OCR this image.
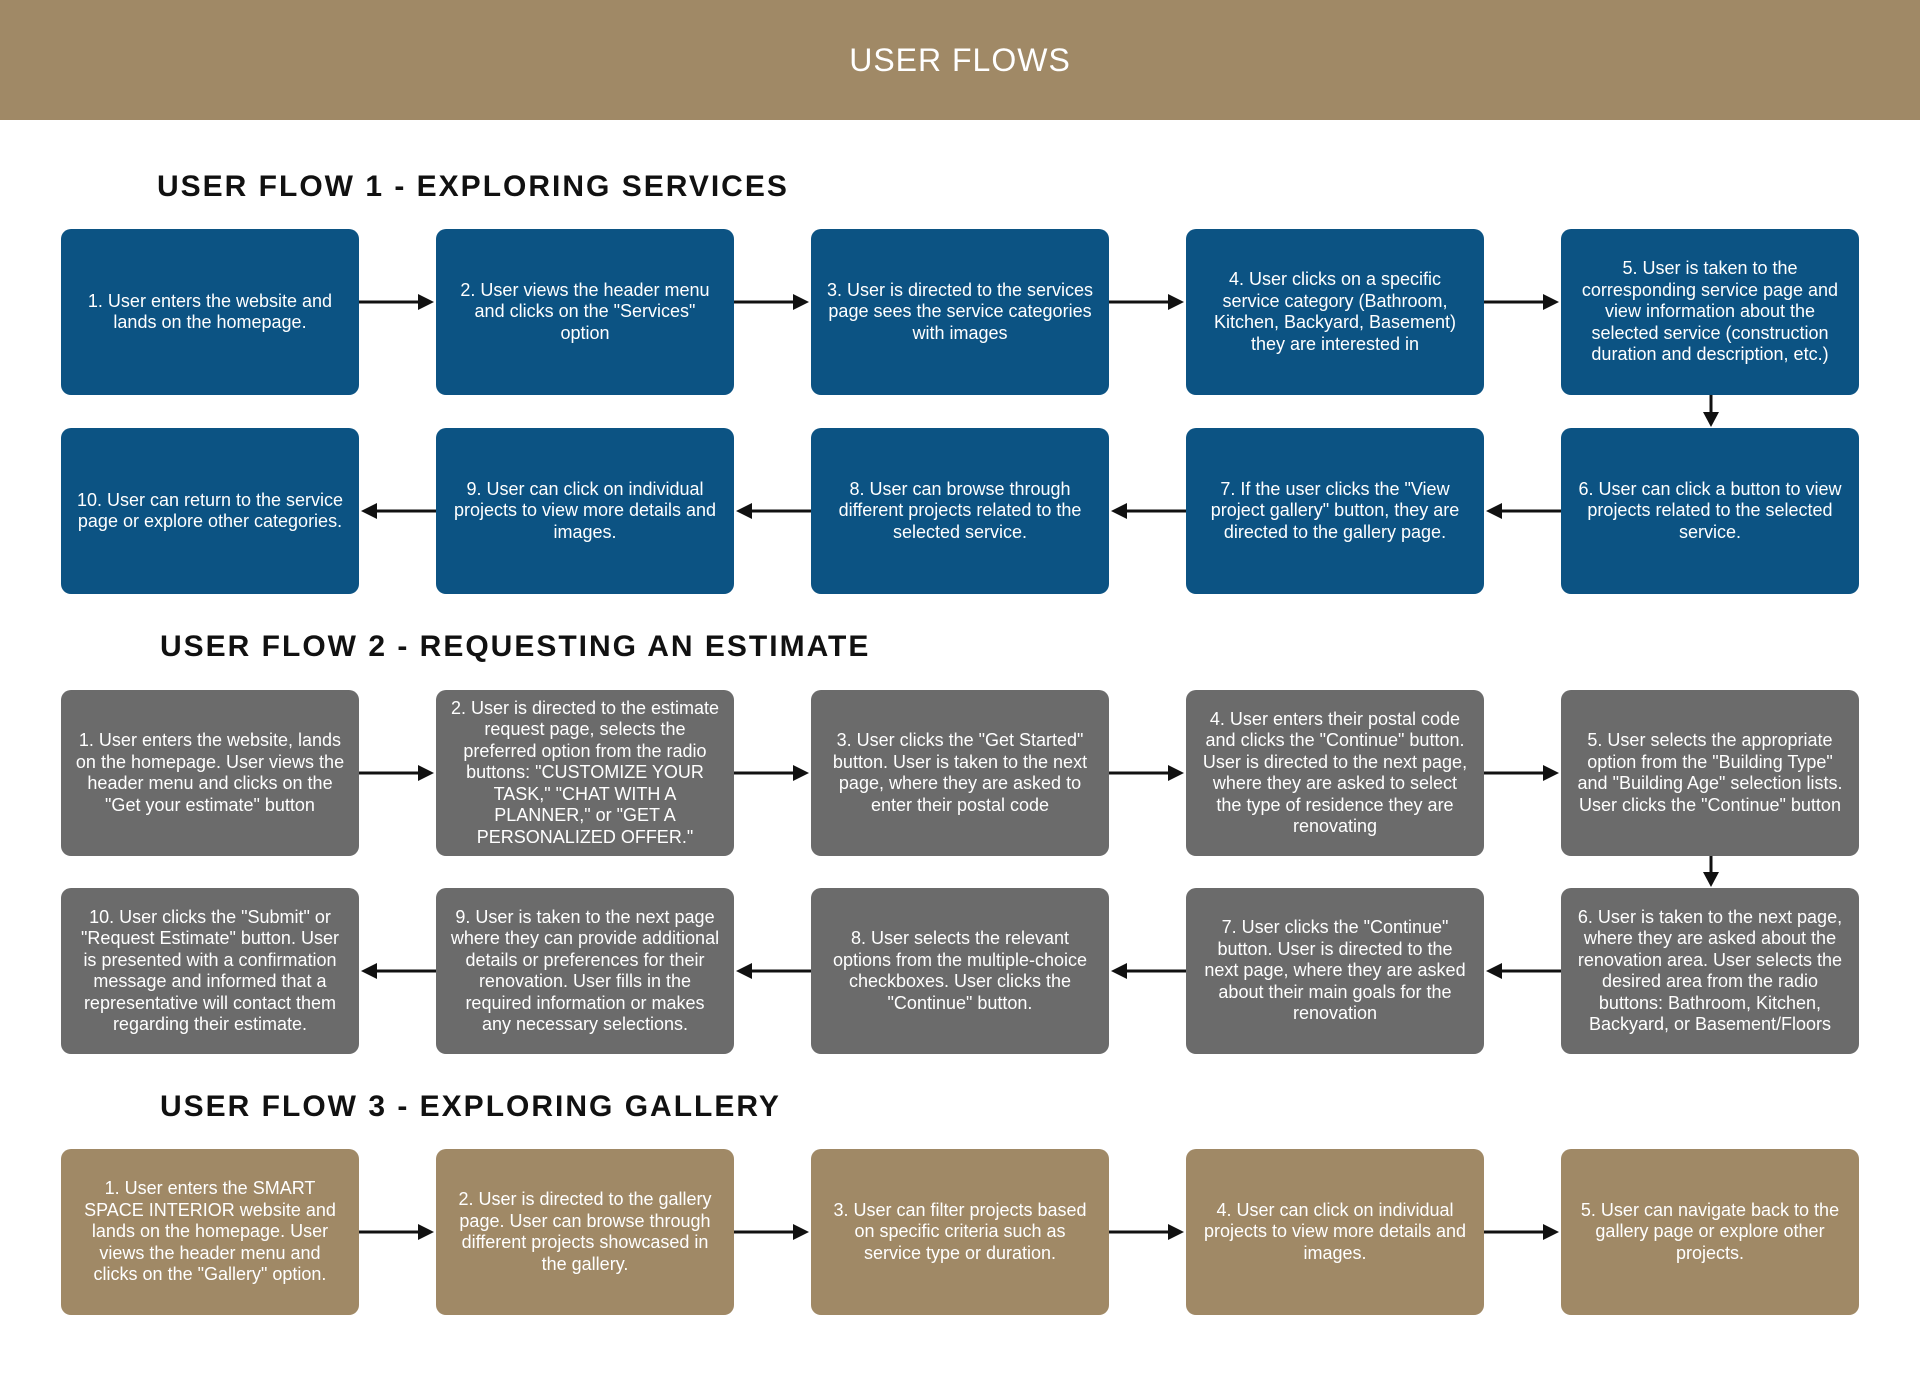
USER FLOWS
USER FLOW 1 - EXPLORING SERVICES
1. User enters the website and lands on the homepage.
2. User views the header menu and clicks on the "Services" option
3. User is directed to the services page sees the service categories with images
4. User clicks on a specific service category (Bathroom, Kitchen, Backyard, Basement) they are interested in
5. User is taken to the corresponding service page and view information about the selected service (construction duration and description, etc.)
6. User can click a button to view projects related to the selected service.
7. If the user clicks the "View project gallery" button, they are directed to the gallery page.
8. User can browse through different projects related to the selected service.
9. User can click on individual projects to view more details and images.
10. User can return to the service page or explore other categories.
USER FLOW 2 - REQUESTING AN ESTIMATE
1. User enters the website, lands on the homepage. User views the header menu and clicks on the "Get your estimate" button
2. User is directed to the estimate request page, selects the preferred option from the radio buttons: "CUSTOMIZE YOUR TASK," "CHAT WITH A PLANNER," or "GET A PERSONALIZED OFFER."
3. User clicks the "Get Started" button. User is taken to the next page, where they are asked to enter their postal code
4. User enters their postal code and clicks the "Continue" button. User is directed to the next page, where they are asked to select the type of residence they are renovating
5. User selects the appropriate option from the "Building Type" and "Building Age" selection lists. User clicks the "Continue" button
6. User is taken to the next page, where they are asked about the renovation area. User selects the desired area from the radio buttons: Bathroom, Kitchen, Backyard, or Basement/Floors
7. User clicks the "Continue" button. User is directed to the next page, where they are asked about their main goals for the renovation
8. User selects the relevant options from the multiple-choice checkboxes. User clicks the "Continue" button.
9. User is taken to the next page where they can provide additional details or preferences for their renovation. User fills in the required information or makes any necessary selections.
10. User clicks the "Submit" or "Request Estimate" button. User is presented with a confirmation message and informed that a representative will contact them regarding their estimate.
USER FLOW 3 - EXPLORING GALLERY
1. User enters the SMART SPACE INTERIOR website and lands on the homepage. User views the header menu and clicks on the "Gallery" option.
2. User is directed to the gallery page. User can browse through different projects showcased in the gallery.
3. User can filter projects based on specific criteria such as service type or duration.
4. User can click on individual projects to view more details and images.
5. User can navigate back to the gallery page or explore other projects.
